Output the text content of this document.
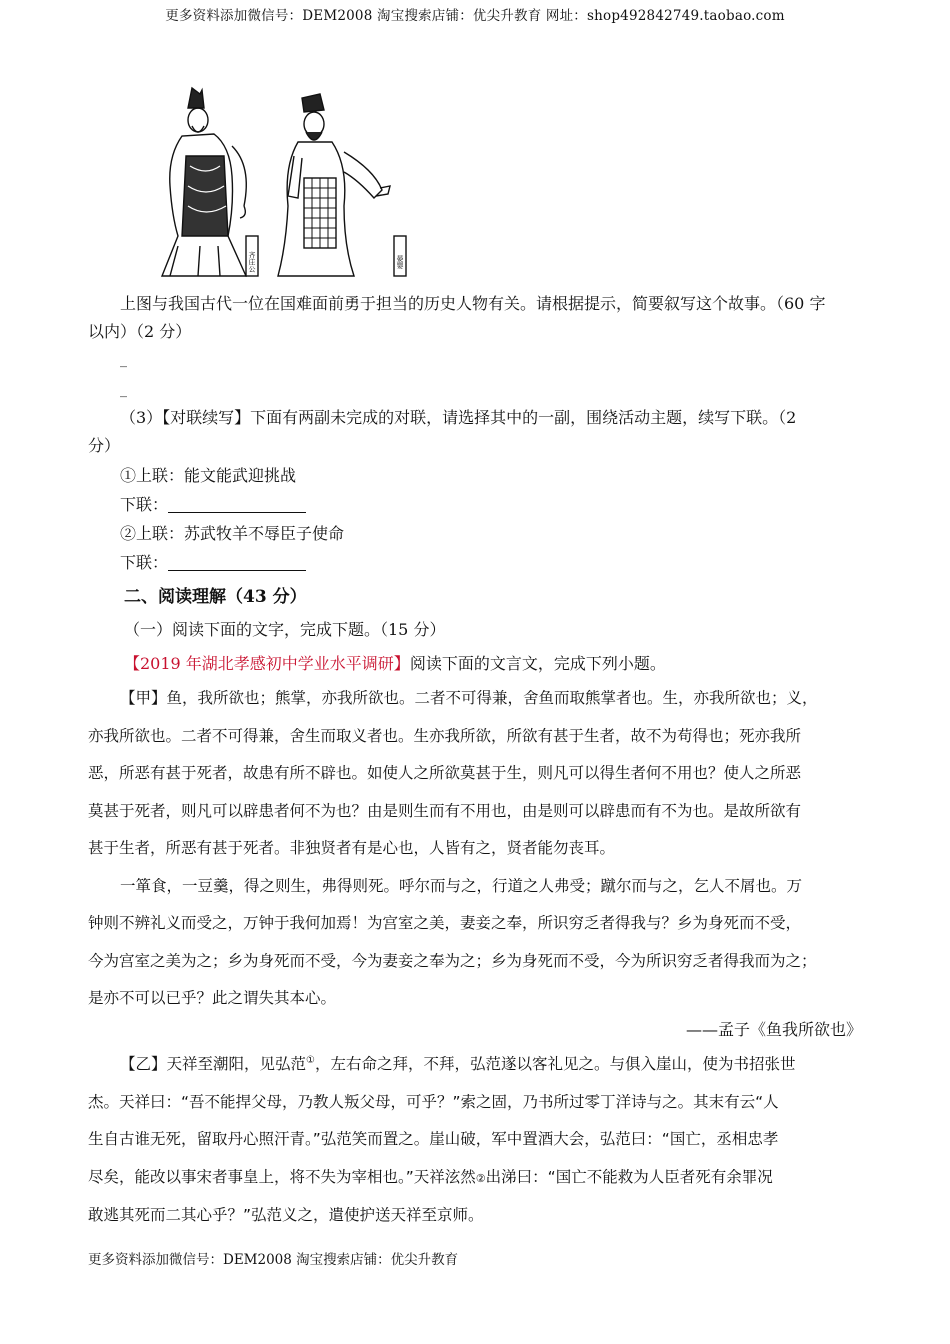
更多资料添加微信号：DEM2008 淘宝搜索店铺：优尖升教育 网址：shop492842749.taobao.com
齐庄公	晏婴
上图与我国古代一位在国难面前勇于担当的历史人物有关。请根据提示，简要叙写这个故事。（60 字
以内）（2 分）
_
_
（3）【对联续写】下面有两副未完成的对联，请选择其中的一副，围绕活动主题，续写下联。（2
分）
①上联：能文能武迎挑战
下联：
②上联：苏武牧羊不辱臣子使命
下联：
二、阅读理解（43 分）
（一）阅读下面的文字，完成下题。（15 分）
【2019 年湖北孝感初中学业水平调研】阅读下面的文言文，完成下列小题。
【甲】鱼，我所欲也；熊掌，亦我所欲也。二者不可得兼，舍鱼而取熊掌者也。生，亦我所欲也；义，
亦我所欲也。二者不可得兼，舍生而取义者也。生亦我所欲，所欲有甚于生者，故不为苟得也；死亦我所
恶，所恶有甚于死者，故患有所不辟也。如使人之所欲莫甚于生，则凡可以得生者何不用也？使人之所恶
莫甚于死者，则凡可以辟患者何不为也？由是则生而有不用也，由是则可以辟患而有不为也。是故所欲有
甚于生者，所恶有甚于死者。非独贤者有是心也，人皆有之，贤者能勿丧耳。
一箪食，一豆羹，得之则生，弗得则死。呼尔而与之，行道之人弗受；蹴尔而与之，乞人不屑也。万
钟则不辨礼义而受之，万钟于我何加焉！为宫室之美，妻妾之奉，所识穷乏者得我与？乡为身死而不受，
今为宫室之美为之；乡为身死而不受，今为妻妾之奉为之；乡为身死而不受，今为所识穷乏者得我而为之；
是亦不可以已乎？此之谓失其本心。
——孟子《鱼我所欲也》
【乙】天祥至潮阳，见弘范①，左右命之拜，不拜，弘范遂以客礼见之。与俱入崖山，使为书招张世
杰。天祥曰：“吾不能捍父母，乃教人叛父母，可乎？”索之固，乃书所过零丁洋诗与之。其末有云“人
生自古谁无死，留取丹心照汗青。”弘范笑而置之。崖山破，军中置酒大会，弘范曰：“国亡，丞相忠孝
尽矣，能改以事宋者事皇上，将不失为宰相也。”天祥泫然②出涕曰：“国亡不能救为人臣者死有余罪况
敢逃其死而二其心乎？”弘范义之，遣使护送天祥至京师。
更多资料添加微信号：DEM2008 淘宝搜索店铺：优尖升教育
